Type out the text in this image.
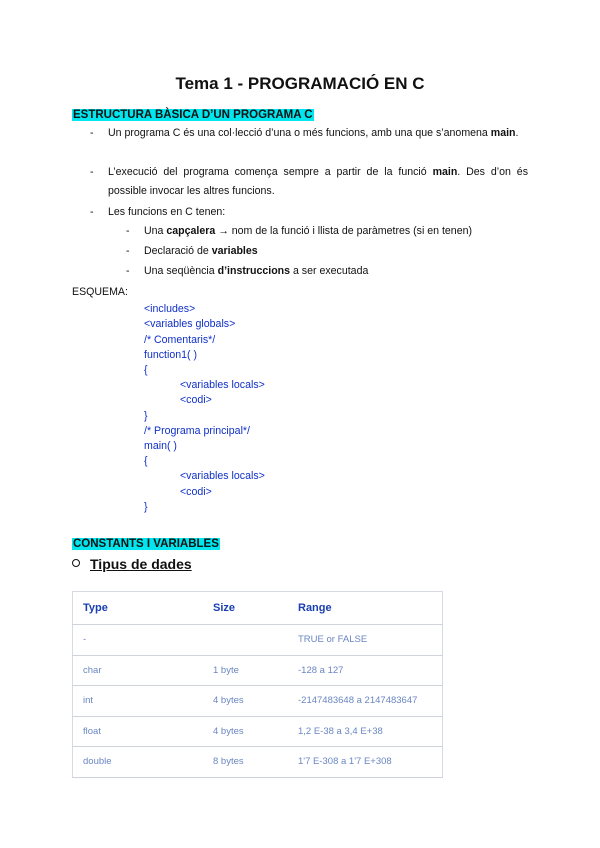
Tema 1 - PROGRAMACIÓ EN C
ESTRUCTURA BÀSICA D’UN PROGRAMA C
- Un programa C és una col·lecció d’una o més funcions, amb una que s’anomena main.
- L’execució del programa comença sempre a partir de la funció main. Des d’on és possible invocar les altres funcions.
- Les funcions en C tenen:
- Una capçalera → nom de la funció i llista de paràmetres (si en tenen)
- Declaració de variables
- Una seqüència d’instruccions a ser executada
ESQUEMA:
<includes>
<variables globals>
/* Comentaris*/
function1( )
{
<variables locals>
<codi>
}
/* Programa principal*/
main( )
{
<variables locals>
<codi>
}
CONSTANTS I VARIABLES
Tipus de dades
Type	Size	Range
-		TRUE or FALSE
char	1 byte	-128 a 127
int	4 bytes	-2147483648 a 2147483647
float	4 bytes	1,2 E-38 a 3,4 E+38
double	8 bytes	1'7 E-308 a 1'7 E+308
